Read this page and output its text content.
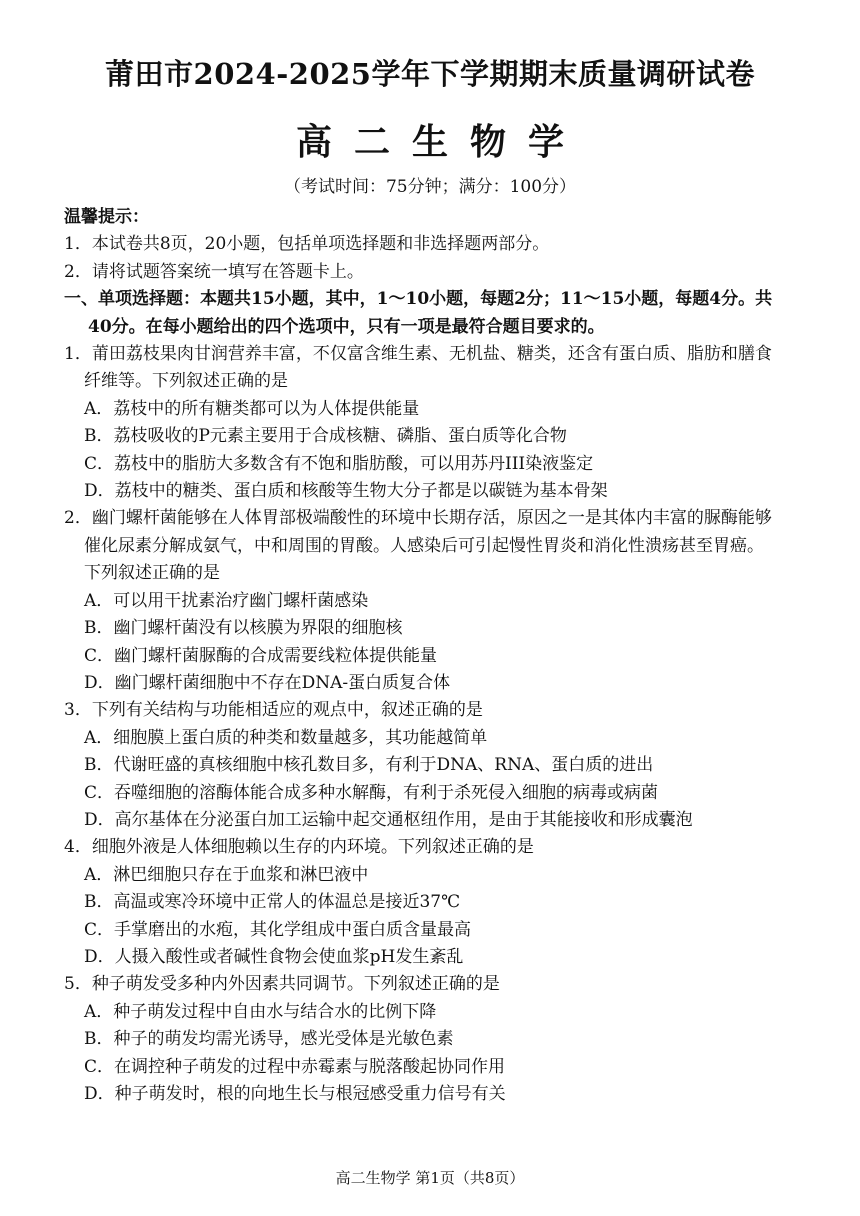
莆田市2024-2025学年下学期期末质量调研试卷
高二生物学
（考试时间：75分钟；满分：100分）
温馨提示：
1．本试卷共8页，20小题，包括单项选择题和非选择题两部分。
2．请将试题答案统一填写在答题卡上。
一、单项选择题：本题共15小题，其中，1～10小题，每题2分；11～15小题，每题4分。共
40分。在每小题给出的四个选项中，只有一项是最符合题目要求的。
1．莆田荔枝果肉甘润营养丰富，不仅富含维生素、无机盐、糖类，还含有蛋白质、脂肪和膳食
纤维等。下列叙述正确的是
A．荔枝中的所有糖类都可以为人体提供能量
B．荔枝吸收的P元素主要用于合成核糖、磷脂、蛋白质等化合物
C．荔枝中的脂肪大多数含有不饱和脂肪酸，可以用苏丹III染液鉴定
D．荔枝中的糖类、蛋白质和核酸等生物大分子都是以碳链为基本骨架
2．幽门螺杆菌能够在人体胃部极端酸性的环境中长期存活，原因之一是其体内丰富的脲酶能够
催化尿素分解成氨气，中和周围的胃酸。人感染后可引起慢性胃炎和消化性溃疡甚至胃癌。
下列叙述正确的是
A．可以用干扰素治疗幽门螺杆菌感染
B．幽门螺杆菌没有以核膜为界限的细胞核
C．幽门螺杆菌脲酶的合成需要线粒体提供能量
D．幽门螺杆菌细胞中不存在DNA-蛋白质复合体
3．下列有关结构与功能相适应的观点中，叙述正确的是
A．细胞膜上蛋白质的种类和数量越多，其功能越简单
B．代谢旺盛的真核细胞中核孔数目多，有利于DNA、RNA、蛋白质的进出
C．吞噬细胞的溶酶体能合成多种水解酶，有利于杀死侵入细胞的病毒或病菌
D．高尔基体在分泌蛋白加工运输中起交通枢纽作用，是由于其能接收和形成囊泡
4．细胞外液是人体细胞赖以生存的内环境。下列叙述正确的是
A．淋巴细胞只存在于血浆和淋巴液中
B．高温或寒冷环境中正常人的体温总是接近37℃
C．手掌磨出的水疱，其化学组成中蛋白质含量最高
D．人摄入酸性或者碱性食物会使血浆pH发生紊乱
5．种子萌发受多种内外因素共同调节。下列叙述正确的是
A．种子萌发过程中自由水与结合水的比例下降
B．种子的萌发均需光诱导，感光受体是光敏色素
C．在调控种子萌发的过程中赤霉素与脱落酸起协同作用
D．种子萌发时，根的向地生长与根冠感受重力信号有关
高二生物学 第1页（共8页）
